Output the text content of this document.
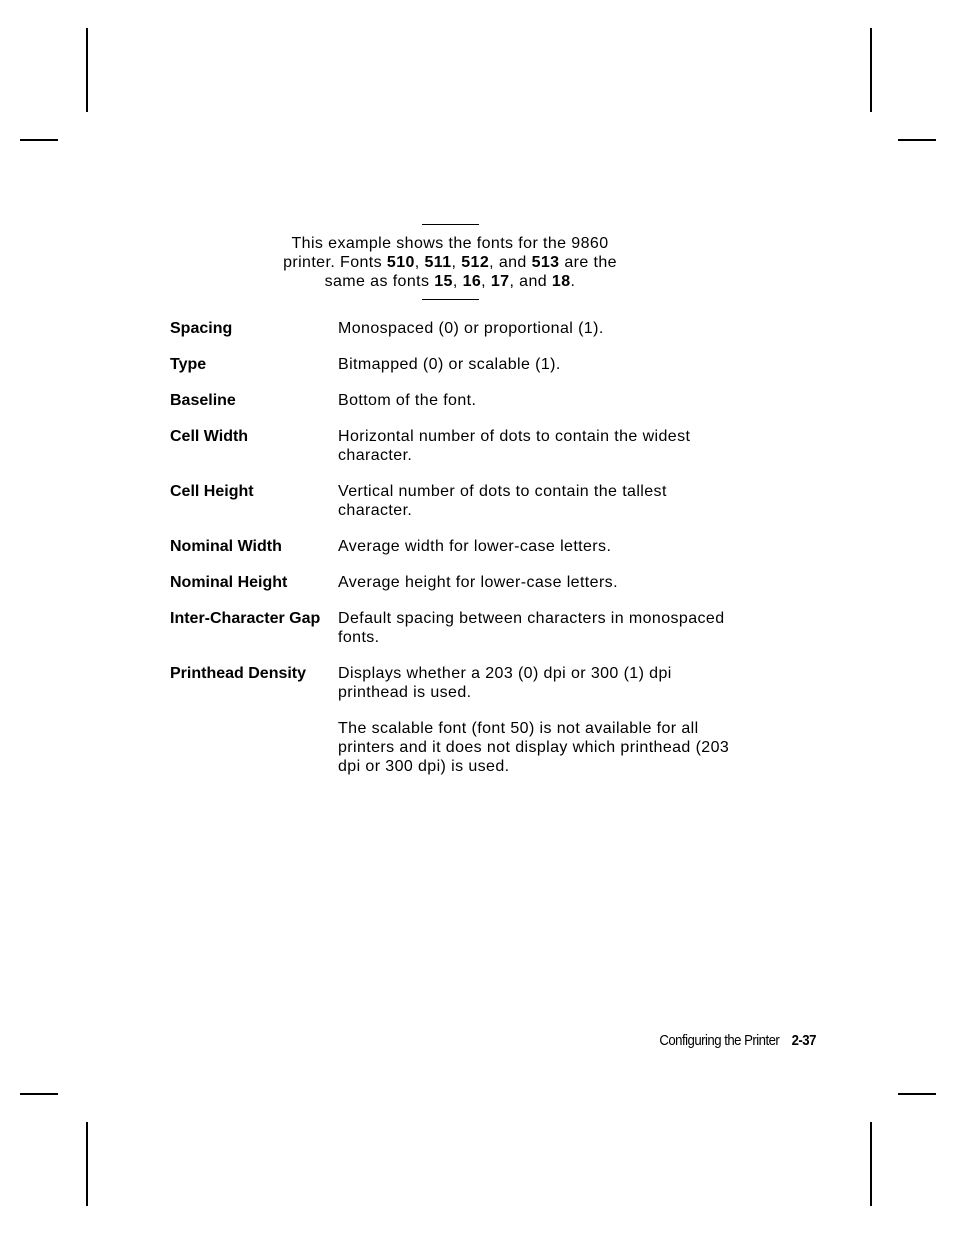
This example shows the fonts for the 9860
printer. Fonts 510, 511, 512, and 513 are the
same as fonts 15, 16, 17, and 18.
Spacing	Monospaced (0) or proportional (1).

Type	Bitmapped (0) or scalable (1).

Baseline	Bottom of the font.

Cell Width	Horizontal number of dots to contain the widest character.

Cell Height	Vertical number of dots to contain the tallest character.

Nominal Width	Average width for lower-case letters.

Nominal Height	Average height for lower-case letters.

Inter-Character Gap	Default spacing between characters in monospaced fonts.

Printhead Density	Displays whether a 203 (0) dpi or 300 (1) dpi printhead is used.

The scalable font (font 50) is not available for all printers and it does not display which printhead (203 dpi or 300 dpi) is used.

Configuring the Printer 2-37
